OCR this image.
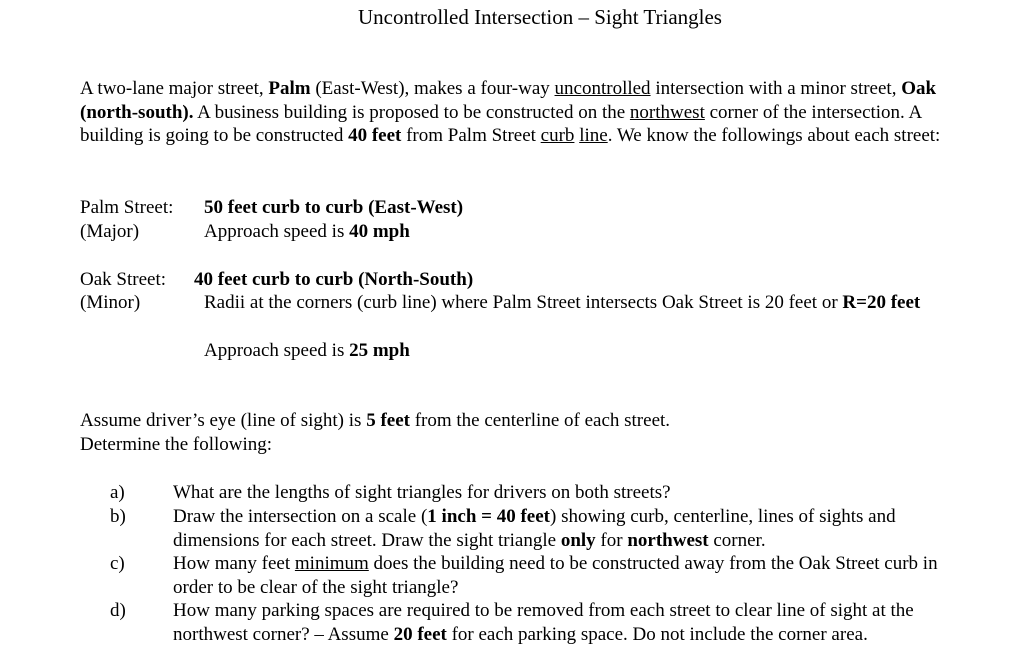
Uncontrolled Intersection – Sight Triangles

A two-lane major street, Palm (East-West), makes a four-way uncontrolled intersection with a minor street, Oak (north-south). A business building is proposed to be constructed on the northwest corner of the intersection. A building is going to be constructed 40 feet from Palm Street curb line. We know the followings about each street:

Palm Street:
(Major)
50 feet curb to curb (East-West)
Approach speed is 40 mph
Oak Street:
(Minor)
40 feet curb to curb (North-South)
Radii at the corners (curb line) where Palm Street intersects Oak Street is 20 feet or R=20 feet
Approach speed is 25 mph
Assume driver’s eye (line of sight) is 5 feet from the centerline of each street.
Determine the following:
a)	What are the lengths of sight triangles for drivers on both streets?
b) Draw the intersection on a scale (1 inch = 40 feet) showing curb, centerline, lines of sights and dimensions for each street. Draw the sight triangle only for northwest corner.
c)	How many feet minimum does the building need to be constructed away from the Oak Street curb in order to be clear of the sight triangle?
d) How many parking spaces are required to be removed from each street to clear line of sight at the northwest corner? – Assume 20 feet for each parking space. Do not include the corner area.
